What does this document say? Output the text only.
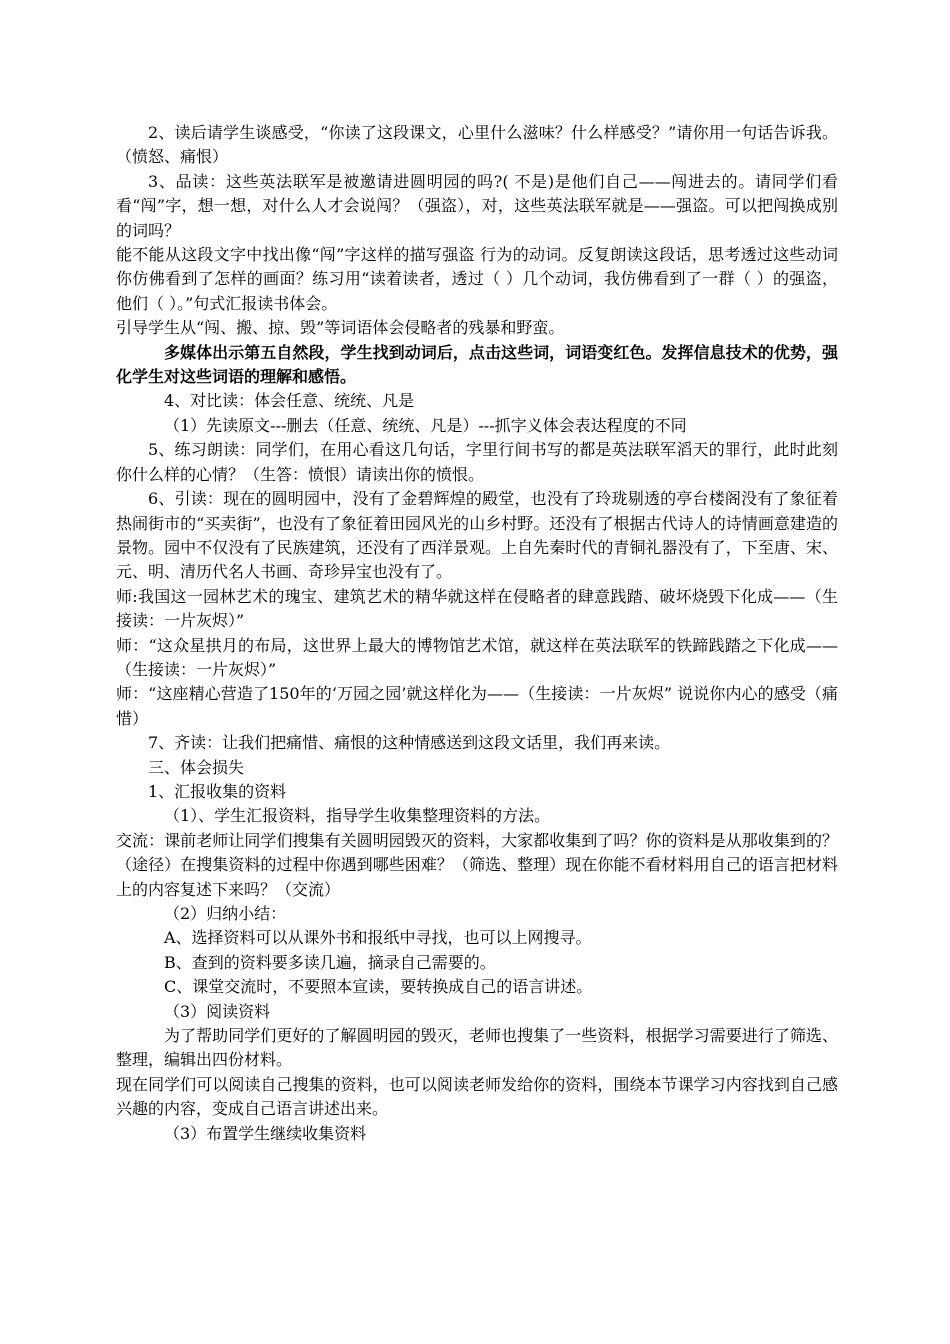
2、读后请学生谈感受，“你读了这段课文，心里什么滋味？什么样感受？”请你用一句话告诉我。（愤怒、痛恨）

3、品读：这些英法联军是被邀请进圆明园的吗?( 不是)是他们自己——闯进去的。请同学们看看“闯”字，想一想，对什么人才会说闯？（强盗），对，这些英法联军就是——强盗。可以把闯换成别的词吗？

能不能从这段文字中找出像“闯”字这样的描写强盗 行为的动词。反复朗读这段话，思考透过这些动词你仿佛看到了怎样的画面？练习用“读着读者，透过（ ）几个动词，我仿佛看到了一群（ ）的强盗，他们（ ）。”句式汇报读书体会。

引导学生从“闯、搬、掠、毁”等词语体会侵略者的残暴和野蛮。

多媒体出示第五自然段，学生找到动词后，点击这些词，词语变红色。发挥信息技术的优势，强化学生对这些词语的理解和感悟。

4、对比读：体会任意、统统、凡是

（1）先读原文---删去（任意、统统、凡是）---抓字义体会表达程度的不同

5、练习朗读：同学们，在用心看这几句话，字里行间书写的都是英法联军滔天的罪行，此时此刻你什么样的心情？（生答：愤恨）请读出你的愤恨。

6、引读：现在的圆明园中，没有了金碧辉煌的殿堂，也没有了玲珑剔透的亭台楼阁没有了象征着热闹街市的“买卖街”，也没有了象征着田园风光的山乡村野。还没有了根据古代诗人的诗情画意建造的景物。园中不仅没有了民族建筑，还没有了西洋景观。上自先秦时代的青铜礼器没有了，下至唐、宋、元、明、清历代名人书画、奇珍异宝也没有了。

师:我国这一园林艺术的瑰宝、建筑艺术的精华就这样在侵略者的肆意践踏、破坏烧毁下化成——（生接读：一片灰烬）”

师：“这众星拱月的布局，这世界上最大的博物馆艺术馆，就这样在英法联军的铁蹄践踏之下化成——（生接读：一片灰烬）”

师：“这座精心营造了150年的‘万园之园’就这样化为——（生接读：一片灰烬” 说说你内心的感受（痛惜）

7、齐读：让我们把痛惜、痛恨的这种情感送到这段文话里，我们再来读。

三、体会损失

1、汇报收集的资料

（1）、学生汇报资料，指导学生收集整理资料的方法。

交流：课前老师让同学们搜集有关圆明园毁灭的资料，大家都收集到了吗？你的资料是从那收集到的？（途径）在搜集资料的过程中你遇到哪些困难？（筛选、整理）现在你能不看材料用自己的语言把材料上的内容复述下来吗？（交流）

（2）归纳小结：

A、选择资料可以从课外书和报纸中寻找，也可以上网搜寻。

B、查到的资料要多读几遍，摘录自己需要的。

C、课堂交流时，不要照本宣读，要转换成自己的语言讲述。

（3）阅读资料

为了帮助同学们更好的了解圆明园的毁灭，老师也搜集了一些资料，根据学习需要进行了筛选、整理，编辑出四份材料。

现在同学们可以阅读自己搜集的资料，也可以阅读老师发给你的资料，围绕本节课学习内容找到自己感兴趣的内容，变成自己语言讲述出来。

（3）布置学生继续收集资料
